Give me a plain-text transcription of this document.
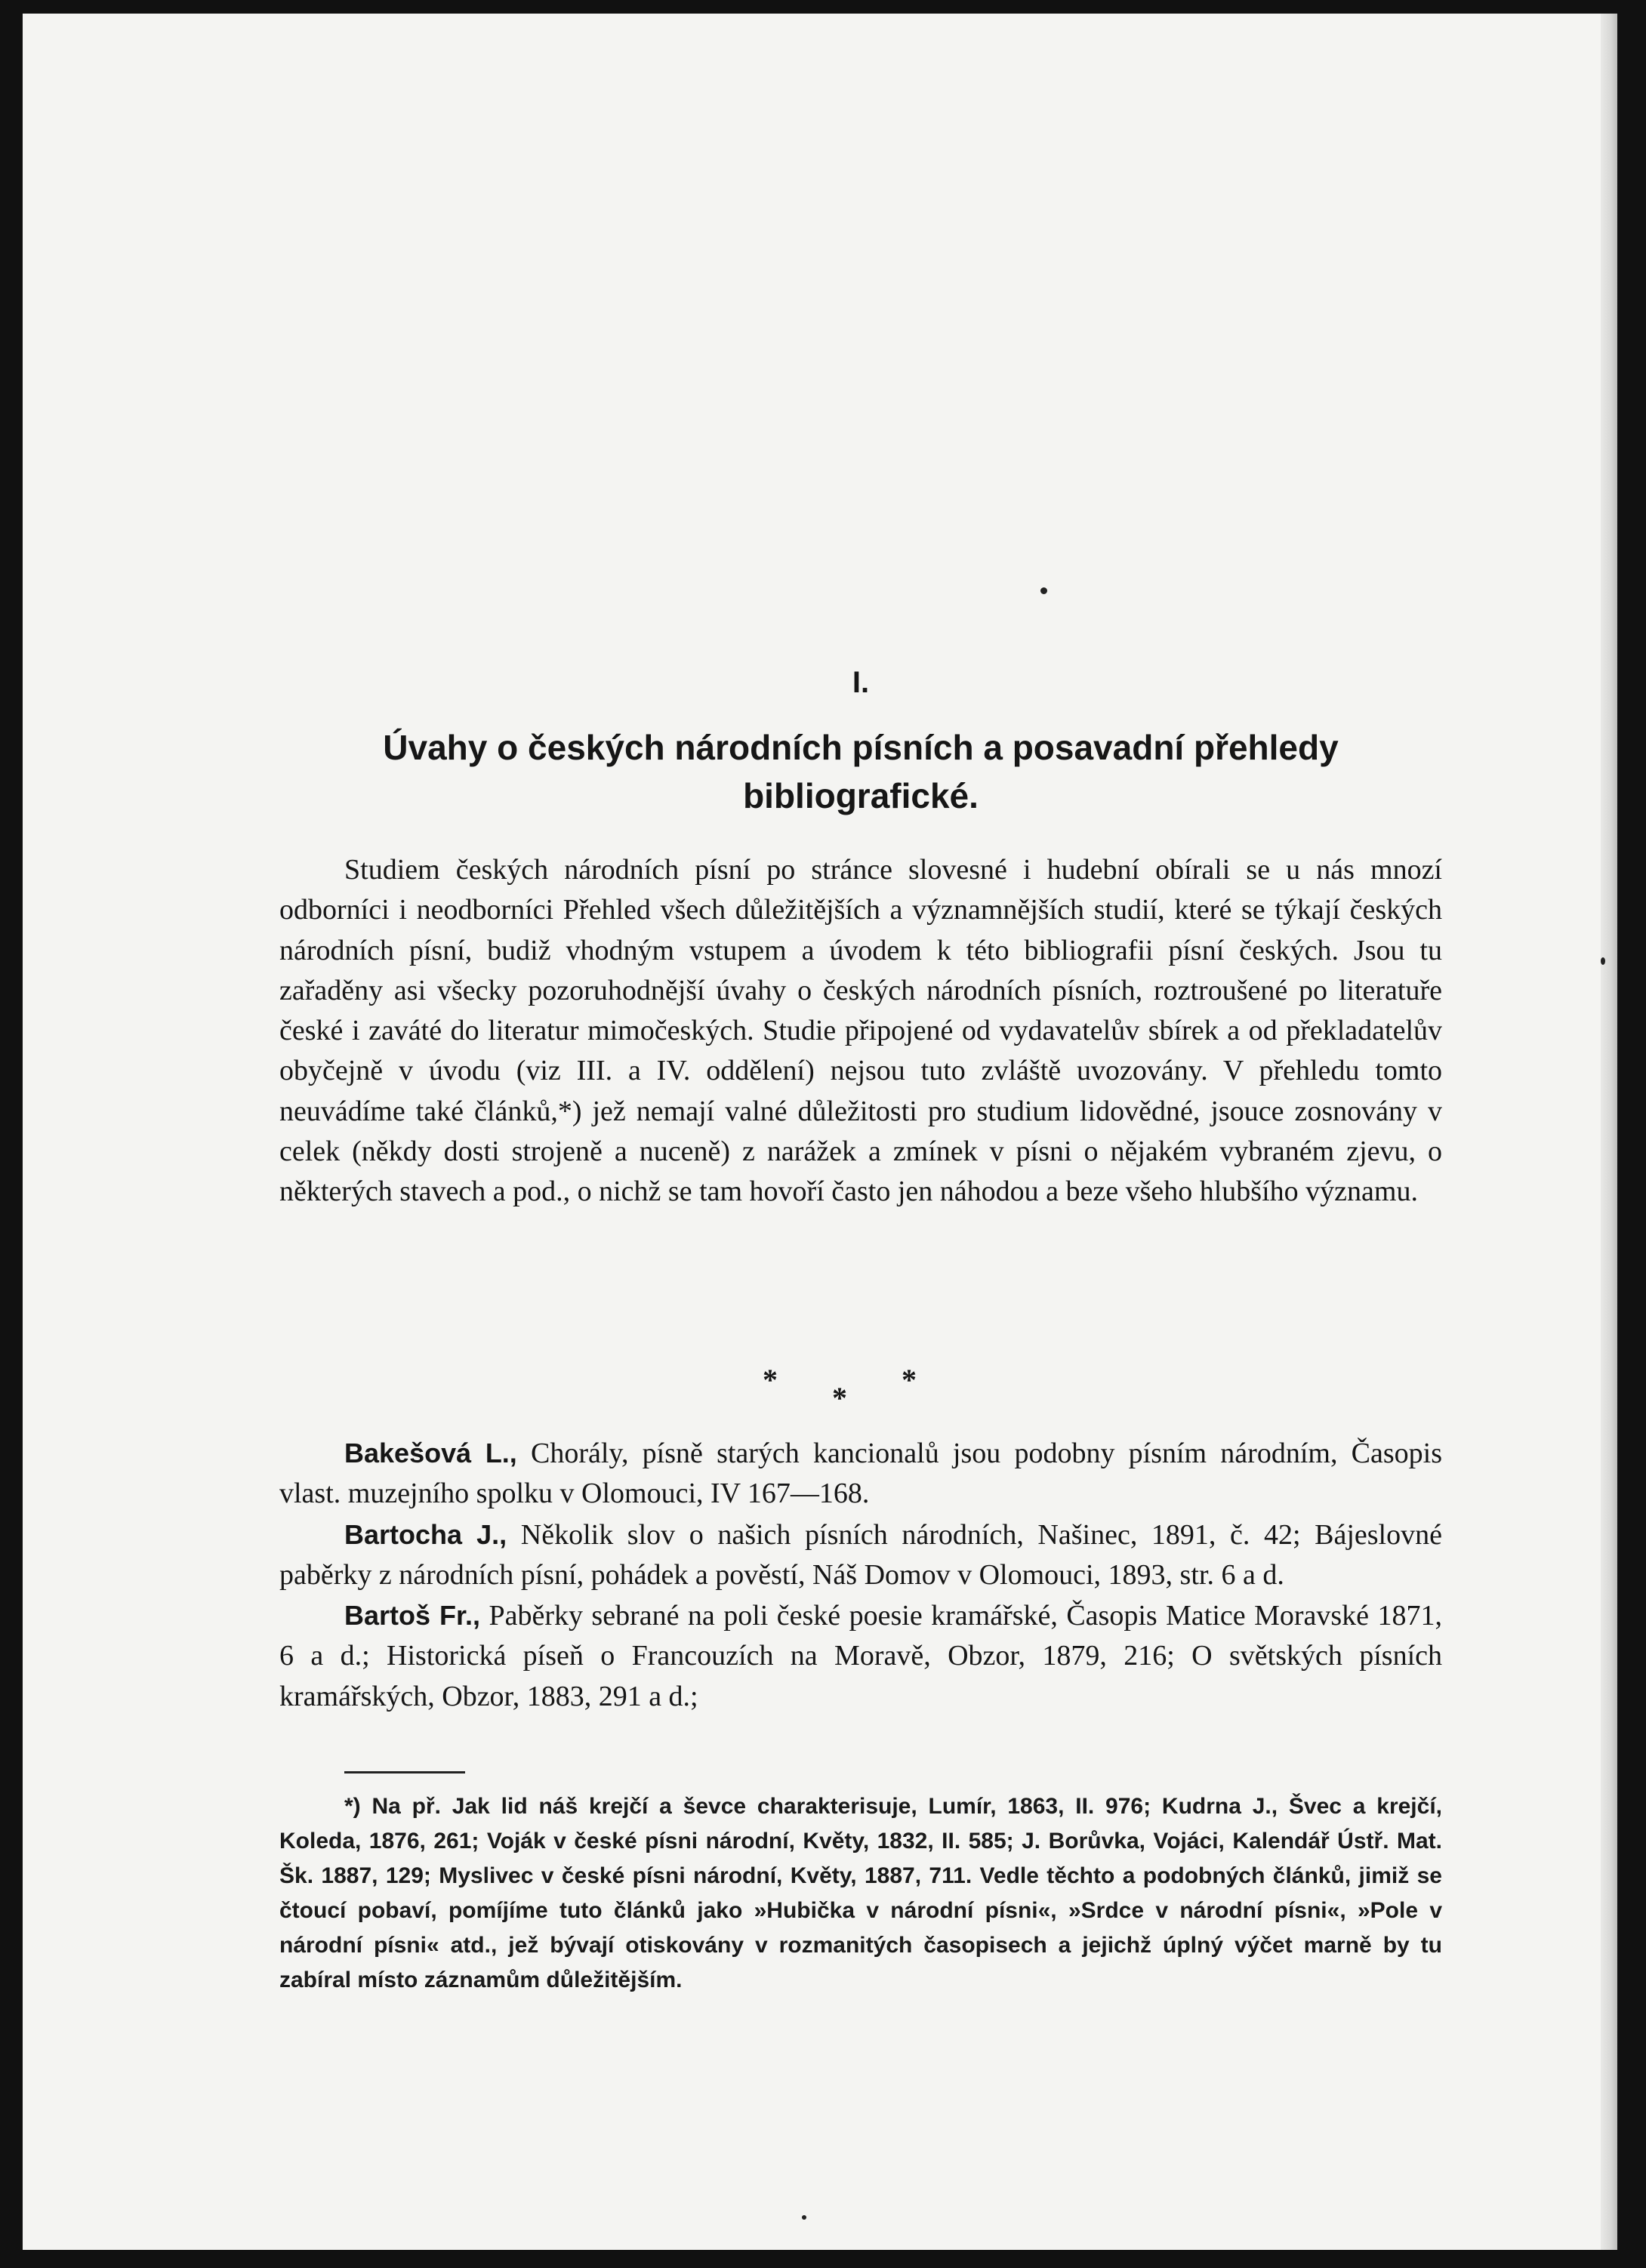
I.
Úvahy o českých národních písních a posavadní přehledy bibliografické.

Studiem českých národních písní po stránce slovesné i hudební obírali se u nás mnozí odborníci i neodborníci Přehled všech důležitějších a významnějších studií, které se týkají českých národních písní, budiž vhodným vstupem a úvodem k této bibliografii písní českých. Jsou tu zařaděny asi všecky pozoruhodnější úvahy o českých národních písních, roztroušené po literatuře české i zaváté do literatur mimočeských. Studie připojené od vydavatelův sbírek a od překladatelův obyčejně v úvodu (viz III. a IV. oddělení) nejsou tuto zvláště uvozovány. V přehledu tomto neuvádíme také článků,*) jež nemají valné důležitosti pro studium lidovědné, jsouce zosnovány v celek (někdy dosti strojeně a nuceně) z narážek a zmínek v písni o nějakém vybraném zjevu, o některých stavech a pod., o nichž se tam hovoří často jen náhodou a beze všeho hlubšího významu.

*
*
*
Bakešová L., Chorály, písně starých kancionalů jsou podobny písním národním, Časopis vlast. muzejního spolku v Olomouci, IV 167—168.
Bartocha J., Několik slov o našich písních národních, Našinec, 1891, č. 42; Bájeslovné paběrky z národních písní, pohádek a pověstí, Náš Domov v Olomouci, 1893, str. 6 a d.
Bartoš Fr., Paběrky sebrané na poli české poesie kramářské, Časopis Matice Moravské 1871, 6 a d.; Historická píseň o Francouzích na Moravě, Obzor, 1879, 216; O světských písních kramářských, Obzor, 1883, 291 a d.;

*) Na př. Jak lid náš krejčí a ševce charakterisuje, Lumír, 1863, II. 976; Kudrna J., Švec a krejčí, Koleda, 1876, 261; Voják v české písni národní, Květy, 1832, II. 585; J. Borůvka, Vojáci, Kalendář Ústř. Mat. Šk. 1887, 129; Myslivec v české písni národní, Květy, 1887, 711. Vedle těchto a podobných článků, jimiž se čtoucí pobaví, pomíjíme tuto článků jako »Hubička v národní písni«, »Srdce v národní písni«, »Pole v národní písni« atd., jež bývají otiskovány v rozmanitých časopisech a jejichž úplný výčet marně by tu zabíral místo záznamům důležitějším.
